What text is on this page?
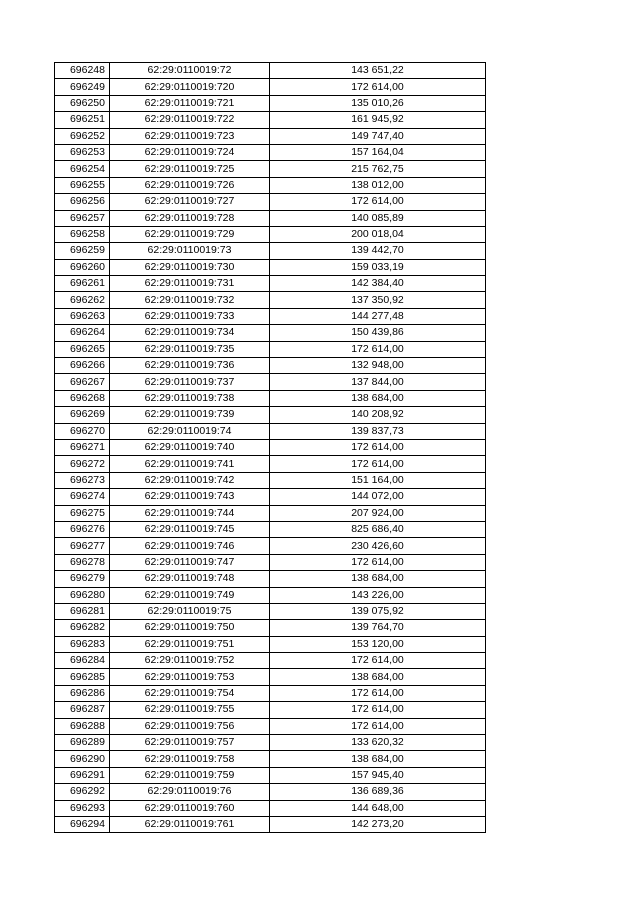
696248	62:29:0110019:72	143 651,22
696249	62:29:0110019:720	172 614,00
696250	62:29:0110019:721	135 010,26
696251	62:29:0110019:722	161 945,92
696252	62:29:0110019:723	149 747,40
696253	62:29:0110019:724	157 164,04
696254	62:29:0110019:725	215 762,75
696255	62:29:0110019:726	138 012,00
696256	62:29:0110019:727	172 614,00
696257	62:29:0110019:728	140 085,89
696258	62:29:0110019:729	200 018,04
696259	62:29:0110019:73	139 442,70
696260	62:29:0110019:730	159 033,19
696261	62:29:0110019:731	142 384,40
696262	62:29:0110019:732	137 350,92
696263	62:29:0110019:733	144 277,48
696264	62:29:0110019:734	150 439,86
696265	62:29:0110019:735	172 614,00
696266	62:29:0110019:736	132 948,00
696267	62:29:0110019:737	137 844,00
696268	62:29:0110019:738	138 684,00
696269	62:29:0110019:739	140 208,92
696270	62:29:0110019:74	139 837,73
696271	62:29:0110019:740	172 614,00
696272	62:29:0110019:741	172 614,00
696273	62:29:0110019:742	151 164,00
696274	62:29:0110019:743	144 072,00
696275	62:29:0110019:744	207 924,00
696276	62:29:0110019:745	825 686,40
696277	62:29:0110019:746	230 426,60
696278	62:29:0110019:747	172 614,00
696279	62:29:0110019:748	138 684,00
696280	62:29:0110019:749	143 226,00
696281	62:29:0110019:75	139 075,92
696282	62:29:0110019:750	139 764,70
696283	62:29:0110019:751	153 120,00
696284	62:29:0110019:752	172 614,00
696285	62:29:0110019:753	138 684,00
696286	62:29:0110019:754	172 614,00
696287	62:29:0110019:755	172 614,00
696288	62:29:0110019:756	172 614,00
696289	62:29:0110019:757	133 620,32
696290	62:29:0110019:758	138 684,00
696291	62:29:0110019:759	157 945,40
696292	62:29:0110019:76	136 689,36
696293	62:29:0110019:760	144 648,00
696294	62:29:0110019:761	142 273,20
